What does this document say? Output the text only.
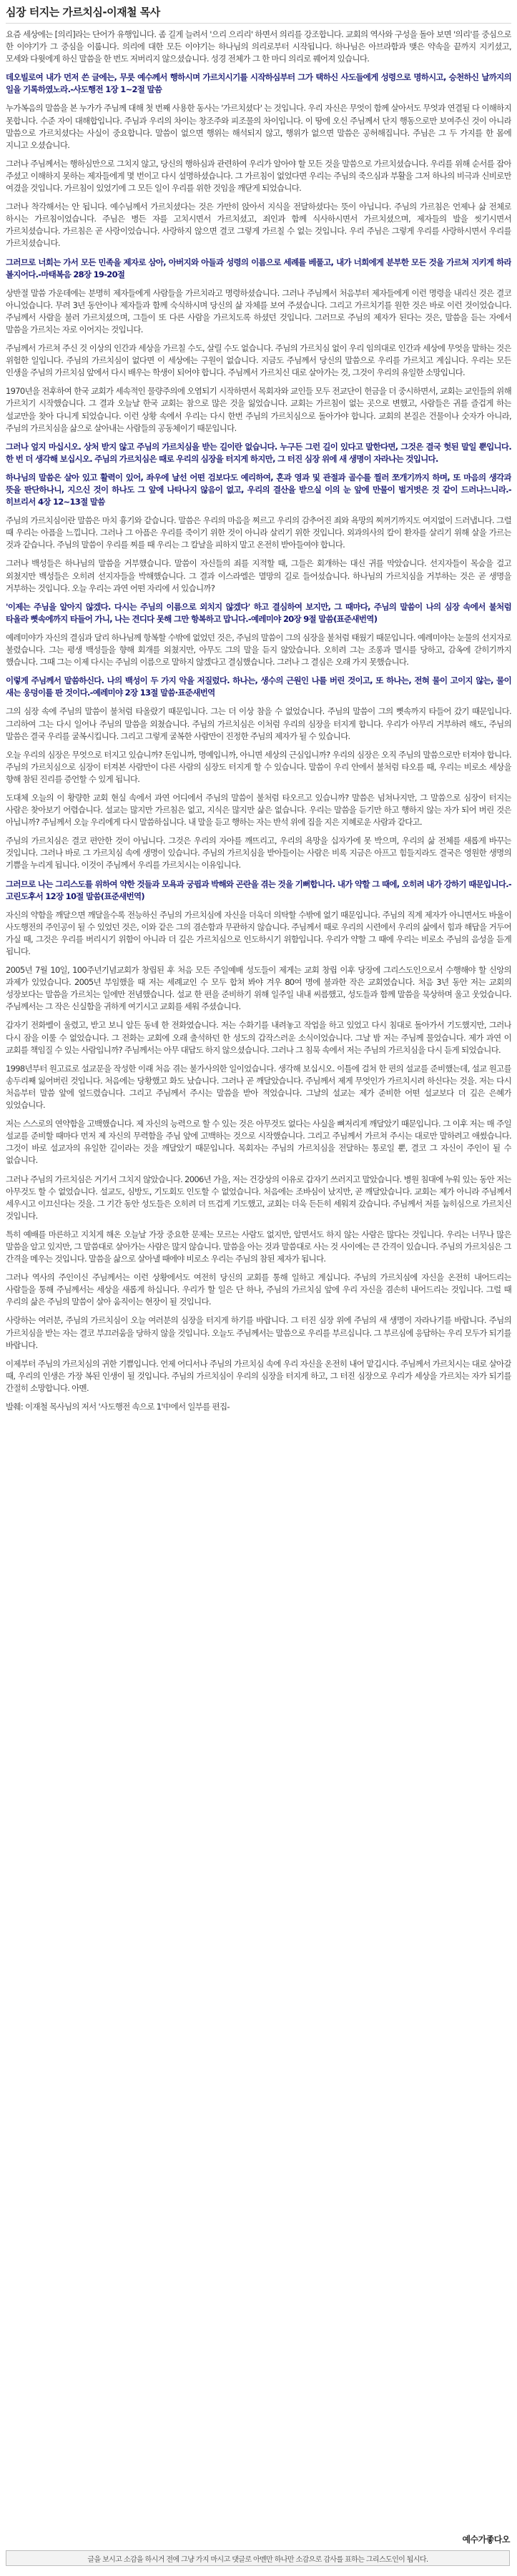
심장 터지는 가르치심-이재철 목사

요즘 세상에는 [의리]라는 단어가 유행입니다. 좀 길게 늘려서 '으리 으리리' 하면서 의리를 강조합니다. 교회의 역사와 구성을 돌아 보면 '의리'를 중심으로 한 이야기가 그 중심을 이룹니다. 의리에 대한 모든 이야기는 하나님의 의리로부터 시작됩니다. 하나님은 아브라함과 맺은 약속을 끝까지 지키셨고, 모세와 다윗에게 하신 말씀을 한 번도 저버리지 않으셨습니다. 성경 전체가 그 한 마디 의리로 꿰어져 있습니다.

데오빌로여 내가 먼저 쓴 글에는, 무릇 예수께서 행하시며 가르치시기를 시작하심부터 그가 택하신 사도들에게 성령으로 명하시고, 승천하신 날까지의 일을 기록하였노라.-사도행전 1장 1~2절 말씀

누가복음의 말씀을 본 누가가 주님께 대해 첫 번째 사용한 동사는 '가르치셨다' 는 것입니다. 우리 자신은 무엇이 함께 살아서도 무엇과 연결될 다 이해하지 못합니다. 수준 자이 대해합입니다. 주님과 우리의 차이는 창조주와 피조물의 차이입니다. 이 땅에 오신 주님께서 단지 행동으로만 보여주신 것이 아니라 말씀으로 가르치셨다는 사실이 중요합니다. 말씀이 없으면 행위는 해석되지 않고, 행위가 없으면 말씀은 공허해집니다. 주님은 그 두 가지를 한 몸에 지니고 오셨습니다.

그러나 주님께서는 행하심만으로 그치지 않고, 당신의 행하심과 관련하여 우리가 알아야 할 모든 것을 말씀으로 가르치셨습니다. 우리를 위해 순서를 잡아 주셨고 이해하지 못하는 제자들에게 몇 번이고 다시 설명하셨습니다. 그 가르침이 없었다면 우리는 주님의 죽으심과 부활을 그저 하나의 비극과 신비로만 여겼을 것입니다. 가르침이 있었기에 그 모든 일이 우리를 위한 것임을 깨닫게 되었습니다.

그러나 착각해서는 안 됩니다. 예수님께서 가르치셨다는 것은 가만히 앉아서 지식을 전달하셨다는 뜻이 아닙니다. 주님의 가르침은 언제나 삶 전체로 하시는 가르침이었습니다. 주님은 병든 자를 고치시면서 가르치셨고, 죄인과 함께 식사하시면서 가르치셨으며, 제자들의 발을 씻기시면서 가르치셨습니다. 가르침은 곧 사랑이었습니다. 사랑하지 않으면 결코 그렇게 가르칠 수 없는 것입니다. 우리 주님은 그렇게 우리를 사랑하시면서 우리를 가르치셨습니다.

그러므로 너희는 가서 모든 민족을 제자로 삼아, 아버지와 아들과 성령의 이름으로 세례를 베풀고, 내가 너희에게 분부한 모든 것을 가르쳐 지키게 하라 볼지어다.-마태복음 28장 19-20절

상반절 말씀 가운데에는 분명히 제자들에게 사람들을 가르치라고 명령하셨습니다. 그러나 주님께서 처음부터 제자들에게 이런 명령을 내리신 것은 결코 아니었습니다. 무려 3년 동안이나 제자들과 함께 숙식하시며 당신의 삶 자체를 보여 주셨습니다. 그리고 가르치기를 원한 것은 바로 이런 것이었습니다. 주님께서 사람을 불러 가르치셨으며, 그들이 또 다른 사람을 가르치도록 하셨던 것입니다. 그러므로 주님의 제자가 된다는 것은, 말씀을 듣는 자에서 말씀을 가르치는 자로 이어지는 것입니다.

주님께서 가르쳐 주신 것 이상의 인간과 세상을 가르칠 수도, 살릴 수도 없습니다. 주님의 가르치심 없이 우리 임의대로 인간과 세상에 무엇을 말하는 것은 위험한 일입니다. 주님의 가르치심이 없다면 이 세상에는 구원이 없습니다. 지금도 주님께서 당신의 말씀으로 우리를 가르치고 계십니다. 우리는 모든 인생을 주님의 가르치심 앞에서 다시 배우는 학생이 되어야 합니다. 주님께서 가르치신 대로 살아가는 것, 그것이 우리의 유일한 소망입니다.

1970년을 전후하여 한국 교회가 세속적인 물량주의에 오염되기 시작하면서 목회자와 교인들 모두 전교단이 헌금을 더 중시하면서, 교회는 교인들의 위해 가르치기 시작했습니다. 그 결과 오늘날 한국 교회는 참으로 많은 것을 잃었습니다. 교회는 가르침이 없는 곳으로 변했고, 사람들은 귀를 즐겁게 하는 설교만을 찾아 다니게 되었습니다. 이런 상황 속에서 우리는 다시 한번 주님의 가르치심으로 돌아가야 합니다. 교회의 본질은 건물이나 숫자가 아니라, 주님의 가르치심을 삶으로 살아내는 사람들의 공동체이기 때문입니다.

그러나 엎지 마십시오. 상처 받지 않고 주님의 가르치심을 받는 길이란 없습니다. 누구든 그런 길이 있다고 말한다면, 그것은 결국 헛된 말일 뿐입니다. 한 번 더 생각해 보십시오. 주님의 가르치심은 때로 우리의 심장을 터지게 하지만, 그 터진 심장 위에 새 생명이 자라나는 것입니다.

하나님의 말씀은 살아 있고 활력이 있어, 좌우에 날선 어떤 검보다도 예리하여, 혼과 영과 및 관절과 골수를 찔러 쪼개기까지 하며, 또 마음의 생각과 뜻을 판단하나니, 지으신 것이 하나도 그 앞에 나타나지 않음이 없고, 우리의 결산을 받으실 이의 눈 앞에 만물이 벌거벗은 것 같이 드러나느니라.-히브리서 4장 12~13절 말씀

주님의 가르치심이란 말씀은 마치 흉기와 같습니다. 말씀은 우리의 마음을 찌르고 우리의 감추어진 죄와 욕망의 찌꺼기까지도 여지없이 드러냅니다. 그럴 때 우리는 아픔을 느낍니다. 그러나 그 아픔은 우리를 죽이기 위한 것이 아니라 살리기 위한 것입니다. 외과의사의 칼이 환자를 살리기 위해 살을 가르는 것과 같습니다. 주님의 말씀이 우리를 찌를 때 우리는 그 칼날을 피하지 말고 온전히 받아들여야 합니다.

그러나 백성들은 하나님의 말씀을 거부했습니다. 말씀이 자신들의 죄를 지적할 때, 그들은 회개하는 대신 귀를 막았습니다. 선지자들이 목숨을 걸고 외쳤지만 백성들은 오히려 선지자들을 박해했습니다. 그 결과 이스라엘은 멸망의 길로 들어섰습니다. 하나님의 가르치심을 거부하는 것은 곧 생명을 거부하는 것입니다. 오늘 우리는 과연 어떤 자리에 서 있습니까?

'이제는 주님을 알아지 않겠다. 다시는 주님의 이름으로 외치지 않겠다' 하고 결심하여 보지만, 그 때마다, 주님의 말씀이 나의 심장 속에서 불처럼 타올라 뼛속에까지 타들어 가니, 나는 견디다 못해 그만 항복하고 맙니다.-예레미야 20장 9절 말씀(표준새번역)

예레미야가 자신의 결심과 달리 하나님께 항복할 수밖에 없었던 것은, 주님의 말씀이 그의 심장을 불처럼 태웠기 때문입니다. 예레미야는 눈물의 선지자로 불렸습니다. 그는 평생 백성들을 향해 회개를 외쳤지만, 아무도 그의 말을 듣지 않았습니다. 오히려 그는 조롱과 멸시를 당하고, 감옥에 갇히기까지 했습니다. 그때 그는 이제 다시는 주님의 이름으로 말하지 않겠다고 결심했습니다. 그러나 그 결심은 오래 가지 못했습니다.

이렇게 주님께서 말씀하신다. 나의 백성이 두 가지 악을 저질렀다. 하나는, 생수의 근원인 나를 버린 것이고, 또 하나는, 전혀 물이 고이지 않는, 물이 새는 웅덩이를 판 것이다.-예레미야 2장 13절 말씀·표준새번역

그의 심장 속에 주님의 말씀이 불처럼 타올랐기 때문입니다. 그는 더 이상 참을 수 없었습니다. 주님의 말씀이 그의 뼛속까지 타들어 갔기 때문입니다. 그리하여 그는 다시 일어나 주님의 말씀을 외쳤습니다. 주님의 가르치심은 이처럼 우리의 심장을 터지게 합니다. 우리가 아무리 거부하려 해도, 주님의 말씀은 결국 우리를 굴복시킵니다. 그리고 그렇게 굴복한 사람만이 진정한 주님의 제자가 될 수 있습니다.

오늘 우리의 심장은 무엇으로 터지고 있습니까? 돈입니까, 명예입니까, 아니면 세상의 근심입니까? 우리의 심장은 오직 주님의 말씀으로만 터져야 합니다. 주님의 가르치심으로 심장이 터져본 사람만이 다른 사람의 심장도 터지게 할 수 있습니다. 말씀이 우리 안에서 불처럼 타오를 때, 우리는 비로소 세상을 향해 참된 진리를 증언할 수 있게 됩니다.

도대체 오늘의 이 황량한 교회 현실 속에서 과연 어디에서 주님의 말씀이 불처럼 타오르고 있습니까? 말씀은 넘쳐나지만, 그 말씀으로 심장이 터지는 사람은 찾아보기 어렵습니다. 설교는 많지만 가르침은 없고, 지식은 많지만 삶은 없습니다. 우리는 말씀을 듣기만 하고 행하지 않는 자가 되어 버린 것은 아닙니까? 주님께서 오늘 우리에게 다시 말씀하십니다. 내 말을 듣고 행하는 자는 반석 위에 집을 지은 지혜로운 사람과 같다고.

주님의 가르치심은 결코 편안한 것이 아닙니다. 그것은 우리의 자아를 깨뜨리고, 우리의 욕망을 십자가에 못 박으며, 우리의 삶 전체를 새롭게 바꾸는 것입니다. 그러나 바로 그 가르치심 속에 생명이 있습니다. 주님의 가르치심을 받아들이는 사람은 비록 지금은 아프고 힘들지라도 결국은 영원한 생명의 기쁨을 누리게 됩니다. 이것이 주님께서 우리를 가르치시는 이유입니다.

그러므로 나는 그리스도를 위하여 약한 것들과 모욕과 궁핍과 박해와 곤란을 겪는 것을 기뻐합니다. 내가 약할 그 때에, 오히려 내가 강하기 때문입니다.-고린도후서 12장 10절 말씀(표준새번역)

자신의 약함을 깨달으면 깨달을수록 전능하신 주님의 가르치심에 자신을 더욱더 의탁할 수밖에 없기 때문입니다. 주님의 직계 제자가 아니면서도 바울이 사도행전의 주인공이 될 수 있었던 것은, 이와 같은 그의 겸손함과 무관하지 않습니다. 주님께서 때로 우리의 시련에서 우리의 삶에서 힘과 해답을 거두어 가실 때, 그것은 우리를 버리시기 위함이 아니라 더 깊은 가르치심으로 인도하시기 위함입니다. 우리가 약할 그 때에 우리는 비로소 주님의 음성을 듣게 됩니다.

2005년 7월 10일, 100주년기념교회가 창립된 후 처음 모든 주일예배 성도들이 제게는 교회 창립 이후 당장에 그리스도인으로서 수행해야 할 신앙의 과제가 있었습니다. 2005년 부임했을 때 저는 세례교인 수 모두 합쳐 봐야 겨우 80여 명에 불과한 작은 교회였습니다. 처음 3년 동안 저는 교회의 성장보다는 말씀을 가르치는 일에만 전념했습니다. 설교 한 편을 준비하기 위해 일주일 내내 씨름했고, 성도들과 함께 말씀을 묵상하며 울고 웃었습니다. 주님께서는 그 작은 신실함을 귀하게 여기시고 교회를 세워 주셨습니다.

갑자기 전화벨이 울렸고, 받고 보니 알든 동네 한 전화였습니다. 저는 수화기를 내려놓고 작업을 하고 있었고 다시 침대로 돌아가서 기도했지만, 그러나 다시 잠을 이룰 수 없었습니다. 그 전화는 교회에 오래 출석하던 한 성도의 갑작스러운 소식이었습니다. 그날 밤 저는 주님께 물었습니다. 제가 과연 이 교회를 책임질 수 있는 사람입니까? 주님께서는 아무 대답도 하지 않으셨습니다. 그러나 그 침묵 속에서 저는 주님의 가르치심을 다시 듣게 되었습니다.

1998년부터 원고료로 설교문을 작성한 이래 처음 겪는 불가사의한 일이었습니다. 생각해 보십시오. 이틀에 걸쳐 한 편의 설교를 준비했는데, 설교 원고를 송두리째 잃어버린 것입니다. 처음에는 당황했고 화도 났습니다. 그러나 곧 깨달았습니다. 주님께서 제게 무엇인가 가르치시려 하신다는 것을. 저는 다시 처음부터 말씀 앞에 엎드렸습니다. 그리고 주님께서 주시는 말씀을 받아 적었습니다. 그날의 설교는 제가 준비한 어떤 설교보다 더 깊은 은혜가 있었습니다.

저는 스스로의 연약함을 고백했습니다. 제 자신의 능력으로 할 수 있는 것은 아무것도 없다는 사실을 뼈저리게 깨달았기 때문입니다. 그 이후 저는 매 주일 설교를 준비할 때마다 먼저 제 자신의 무력함을 주님 앞에 고백하는 것으로 시작했습니다. 그리고 주님께서 가르쳐 주시는 대로만 말하려고 애썼습니다. 그것이 바로 설교자의 유일한 길이라는 것을 깨달았기 때문입니다. 목회자는 주님의 가르치심을 전달하는 통로일 뿐, 결코 그 자신이 주인이 될 수 없습니다.

그러나 주님의 가르치심은 거기서 그치지 않았습니다. 2006년 가을, 저는 건강상의 이유로 갑자기 쓰러지고 말았습니다. 병원 침대에 누워 있는 동안 저는 아무것도 할 수 없었습니다. 설교도, 심방도, 기도회도 인도할 수 없었습니다. 처음에는 조바심이 났지만, 곧 깨달았습니다. 교회는 제가 아니라 주님께서 세우시고 이끄신다는 것을. 그 기간 동안 성도들은 오히려 더 뜨겁게 기도했고, 교회는 더욱 든든히 세워져 갔습니다. 주님께서 저를 눕히심으로 가르치신 것입니다.

특히 예배를 마른하고 지치게 해온 오늘날 가장 중요한 문제는 모르는 사람도 없지만, 알면서도 하지 않는 사람은 많다는 것입니다. 우리는 너무나 많은 말씀을 알고 있지만, 그 말씀대로 살아가는 사람은 많지 않습니다. 말씀을 아는 것과 말씀대로 사는 것 사이에는 큰 간격이 있습니다. 주님의 가르치심은 그 간격을 메우는 것입니다. 말씀을 삶으로 살아낼 때에야 비로소 우리는 주님의 참된 제자가 됩니다.

그러나 역사의 주인이신 주님께서는 이런 상황에서도 여전히 당신의 교회를 통해 일하고 계십니다. 주님의 가르치심에 자신을 온전히 내어드리는 사람들을 통해 주님께서는 세상을 새롭게 하십니다. 우리가 할 일은 단 하나, 주님의 가르치심 앞에 우리 자신을 겸손히 내어드리는 것입니다. 그럴 때 우리의 삶은 주님의 말씀이 살아 움직이는 현장이 될 것입니다.

사랑하는 여러분, 주님의 가르치심이 오늘 여러분의 심장을 터지게 하기를 바랍니다. 그 터진 심장 위에 주님의 새 생명이 자라나기를 바랍니다. 주님의 가르치심을 받는 자는 결코 부끄러움을 당하지 않을 것입니다. 오늘도 주님께서는 말씀으로 우리를 부르십니다. 그 부르심에 응답하는 우리 모두가 되기를 바랍니다.

이제부터 주님의 가르치심의 귀한 기쁨입니다. 언제 어디서나 주님의 가르치심 속에 우리 자신을 온전히 내어 맡깁시다. 주님께서 가르치시는 대로 살아갈 때, 우리의 인생은 가장 복된 인생이 될 것입니다. 주님의 가르치심이 우리의 심장을 터지게 하고, 그 터진 심장으로 우리가 세상을 가르치는 자가 되기를 간절히 소망합니다. 아멘.

발췌: 이재철 목사님의 저서 '사도행전 속으로 1'中에서 일부를 편집-

예수가좋다오
글을 보시고 소감을 하시거 전에 그냥 가지 마시고 댓글로 아멘만 하나만 소감으로 감사를 표하는 그리스도인이 됩시다.
